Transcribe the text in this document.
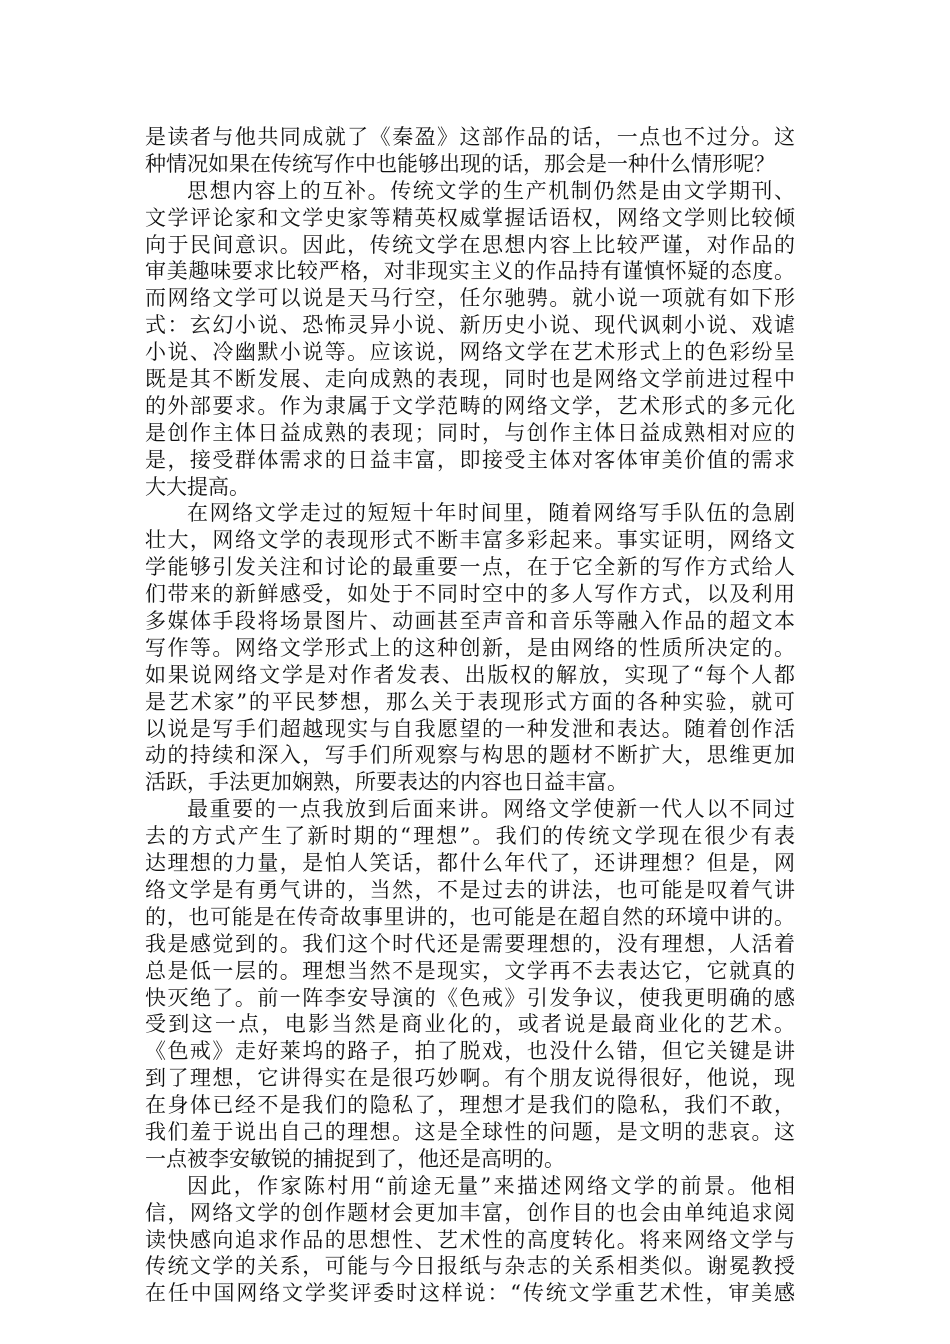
是读者与他共同成就了《秦盈》这部作品的话，一点也不过分。这
种情况如果在传统写作中也能够出现的话，那会是一种什么情形呢？
思想内容上的互补。传统文学的生产机制仍然是由文学期刊、
文学评论家和文学史家等精英权威掌握话语权，网络文学则比较倾
向于民间意识。因此，传统文学在思想内容上比较严谨，对作品的
审美趣味要求比较严格，对非现实主义的作品持有谨慎怀疑的态度。
而网络文学可以说是天马行空，任尔驰骋。就小说一项就有如下形
式：玄幻小说、恐怖灵异小说、新历史小说、现代讽刺小说、戏谑
小说、冷幽默小说等。应该说，网络文学在艺术形式上的色彩纷呈
既是其不断发展、走向成熟的表现，同时也是网络文学前进过程中
的外部要求。作为隶属于文学范畴的网络文学，艺术形式的多元化
是创作主体日益成熟的表现；同时，与创作主体日益成熟相对应的
是，接受群体需求的日益丰富，即接受主体对客体审美价值的需求
大大提高。
在网络文学走过的短短十年时间里，随着网络写手队伍的急剧
壮大，网络文学的表现形式不断丰富多彩起来。事实证明，网络文
学能够引发关注和讨论的最重要一点，在于它全新的写作方式给人
们带来的新鲜感受，如处于不同时空中的多人写作方式，以及利用
多媒体手段将场景图片、动画甚至声音和音乐等融入作品的超文本
写作等。网络文学形式上的这种创新，是由网络的性质所决定的。
如果说网络文学是对作者发表、出版权的解放，实现了“每个人都
是艺术家”的平民梦想，那么关于表现形式方面的各种实验，就可
以说是写手们超越现实与自我愿望的一种发泄和表达。随着创作活
动的持续和深入，写手们所观察与构思的题材不断扩大，思维更加
活跃，手法更加娴熟，所要表达的内容也日益丰富。
最重要的一点我放到后面来讲。网络文学使新一代人以不同过
去的方式产生了新时期的“理想”。我们的传统文学现在很少有表
达理想的力量，是怕人笑话，都什么年代了，还讲理想？但是，网
络文学是有勇气讲的，当然，不是过去的讲法，也可能是叹着气讲
的，也可能是在传奇故事里讲的，也可能是在超自然的环境中讲的。
我是感觉到的。我们这个时代还是需要理想的，没有理想，人活着
总是低一层的。理想当然不是现实，文学再不去表达它，它就真的
快灭绝了。前一阵李安导演的《色戒》引发争议，使我更明确的感
受到这一点，电影当然是商业化的，或者说是最商业化的艺术。
《色戒》走好莱坞的路子，拍了脱戏，也没什么错，但它关键是讲
到了理想，它讲得实在是很巧妙啊。有个朋友说得很好，他说，现
在身体已经不是我们的隐私了，理想才是我们的隐私，我们不敢，
我们羞于说出自己的理想。这是全球性的问题，是文明的悲哀。这
一点被李安敏锐的捕捉到了，他还是高明的。
因此，作家陈村用“前途无量”来描述网络文学的前景。他相
信，网络文学的创作题材会更加丰富，创作目的也会由单纯追求阅
读快感向追求作品的思想性、艺术性的高度转化。将来网络文学与
传统文学的关系，可能与今日报纸与杂志的关系相类似。谢冕教授
在任中国网络文学奖评委时这样说：“传统文学重艺术性，审美感
